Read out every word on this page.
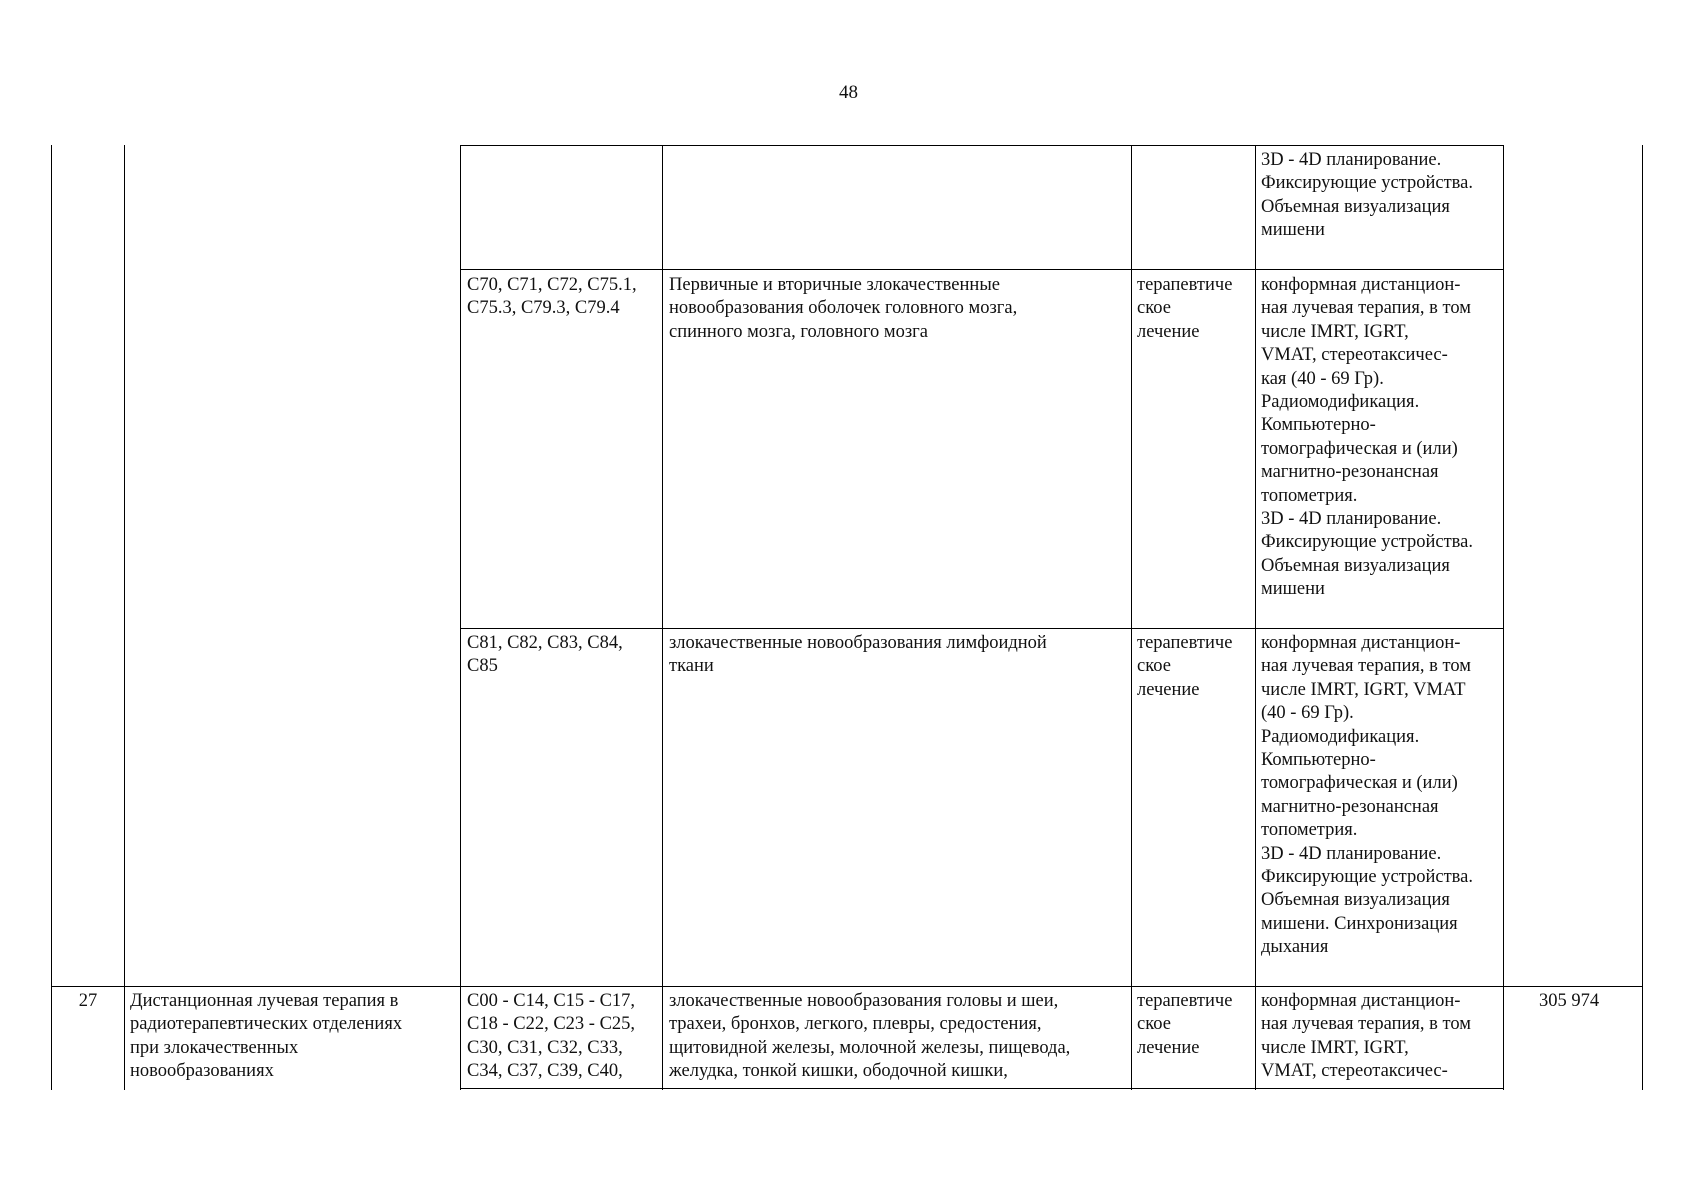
48
3D - 4D планирование.
Фиксирующие устройства.
Объемная визуализация
мишени
C70, C71, C72, C75.1,
C75.3, C79.3, C79.4
Первичные и вторичные злокачественные
новообразования оболочек головного мозга,
спинного мозга, головного мозга
терапевтиче
ское
лечение
конформная дистанцион-
ная лучевая терапия, в том
числе IMRT, IGRT,
VMAT, стереотаксичес-
кая (40 - 69 Гр).
Радиомодификация.
Компьютерно-
томографическая и (или)
магнитно-резонансная
топометрия.
3D - 4D планирование.
Фиксирующие устройства.
Объемная визуализация
мишени
C81, C82, C83, C84,
C85
злокачественные новообразования лимфоидной
ткани
терапевтиче
ское
лечение
конформная дистанцион-
ная лучевая терапия, в том
числе IMRT, IGRT, VMAT
(40 - 69 Гр).
Радиомодификация.
Компьютерно-
томографическая и (или)
магнитно-резонансная
топометрия.
3D - 4D планирование.
Фиксирующие устройства.
Объемная визуализация
мишени. Синхронизация
дыхания
27	Дистанционная лучевая терапия в
радиотерапевтических отделениях
при злокачественных
новообразованиях
C00 - C14, C15 - C17,
C18 - C22, C23 - C25,
C30, C31, C32, C33,
C34, C37, C39, C40,
злокачественные новообразования головы и шеи,
трахеи, бронхов, легкого, плевры, средостения,
щитовидной железы, молочной железы, пищевода,
желудка, тонкой кишки, ободочной кишки,
терапевтиче
ское
лечение
конформная дистанцион-
ная лучевая терапия, в том
числе IMRT, IGRT,
VMAT, стереотаксичес-
305 974
